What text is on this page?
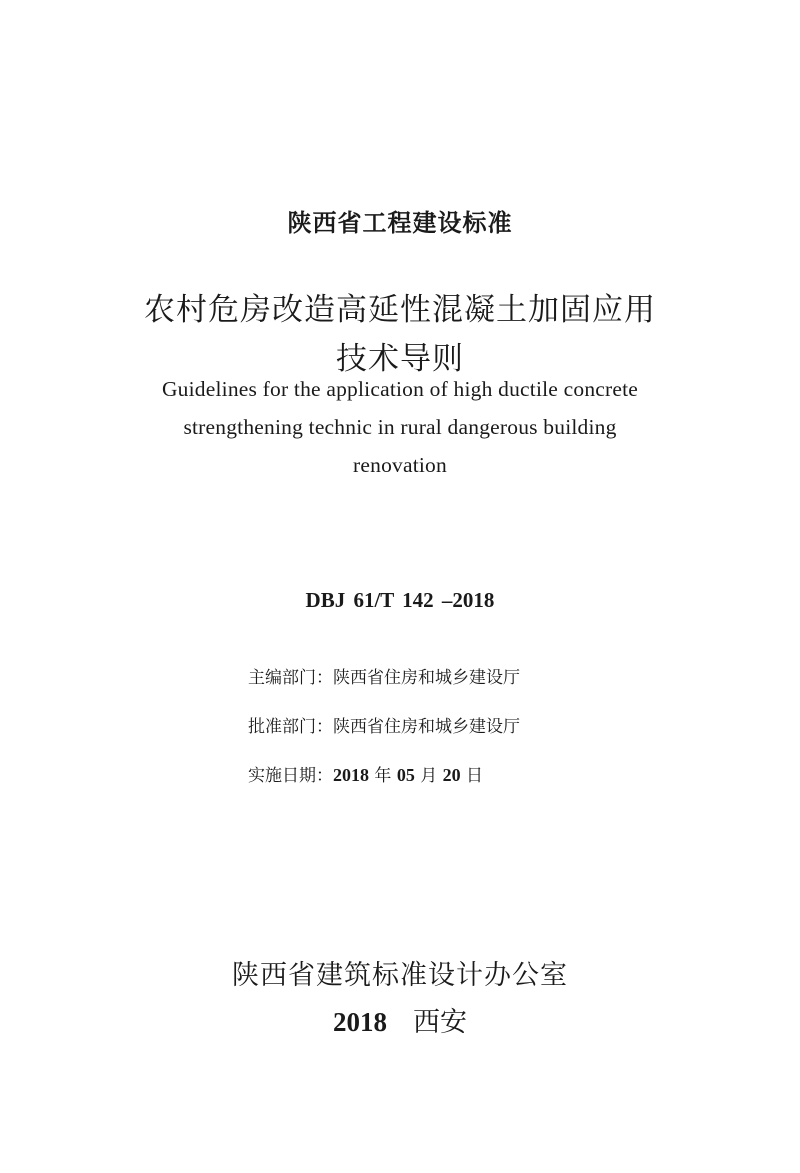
陕西省工程建设标准
农村危房改造高延性混凝土加固应用
技术导则
Guidelines for the application of high ductile concrete
strengthening technic in rural dangerous building
renovation
DBJ 61/T 142 –2018
主编部门：陕西省住房和城乡建设厅
批准部门：陕西省住房和城乡建设厅
实施日期：2018 年 05 月 20 日
陕西省建筑标准设计办公室
2018 西安
